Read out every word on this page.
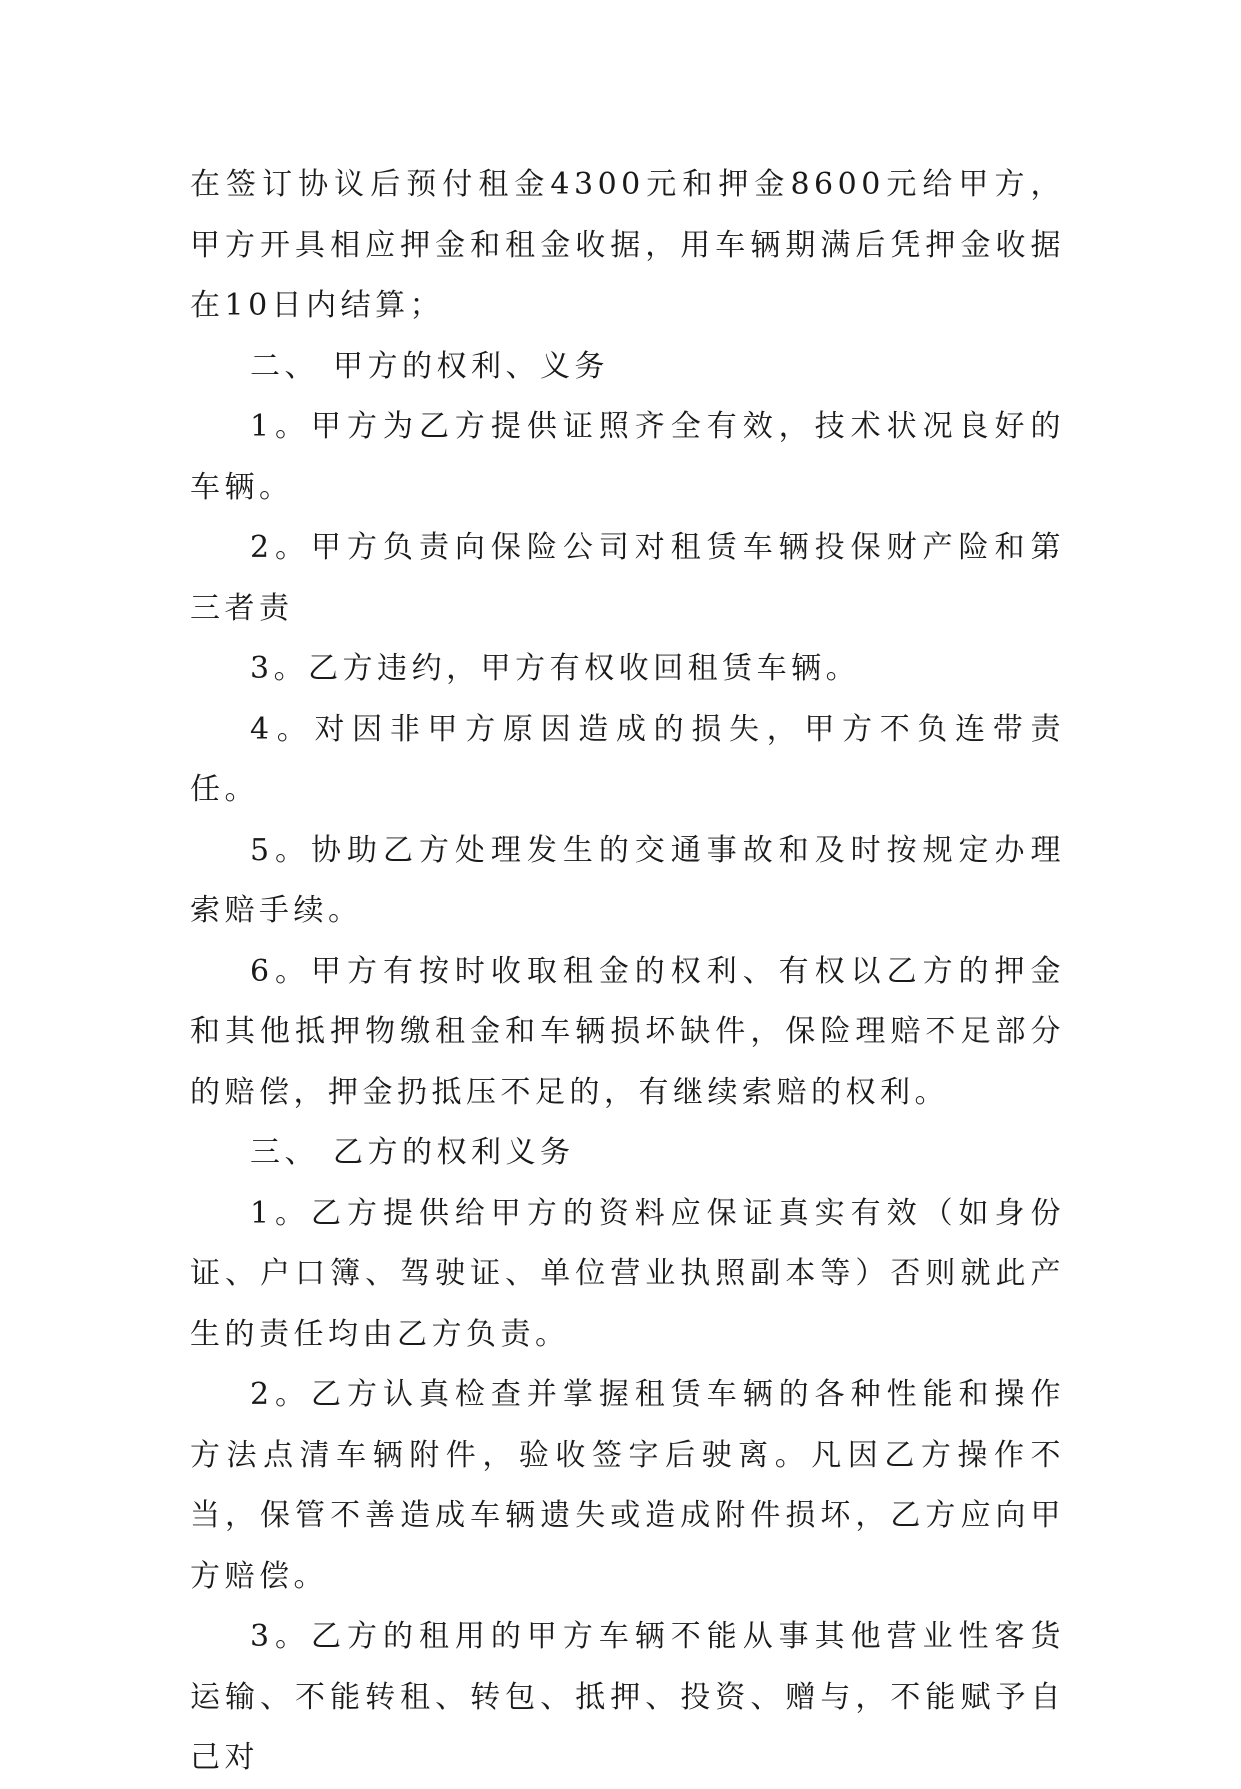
在签订协议后预付租金4300元和押金8600元给甲方，甲方开具相应押金和租金收据，用车辆期满后凭押金收据在10日内结算；

二、 甲方的权利、义务

1。甲方为乙方提供证照齐全有效，技术状况良好的车辆。

2。甲方负责向保险公司对租赁车辆投保财产险和第三者责

3。乙方违约，甲方有权收回租赁车辆。

4。对因非甲方原因造成的损失，甲方不负连带责任。

5。协助乙方处理发生的交通事故和及时按规定办理索赔手续。

6。甲方有按时收取租金的权利、有权以乙方的押金和其他抵押物缴租金和车辆损坏缺件，保险理赔不足部分的赔偿，押金扔抵压不足的，有继续索赔的权利。

三、 乙方的权利义务

1。乙方提供给甲方的资料应保证真实有效（如身份证、户口簿、驾驶证、单位营业执照副本等）否则就此产生的责任均由乙方负责。

2。乙方认真检查并掌握租赁车辆的各种性能和操作方法点清车辆附件，验收签字后驶离。凡因乙方操作不当，保管不善造成车辆遗失或造成附件损坏，乙方应向甲方赔偿。

3。乙方的租用的甲方车辆不能从事其他营业性客货运输、不能转租、转包、抵押、投资、赠与，不能赋予自己对
